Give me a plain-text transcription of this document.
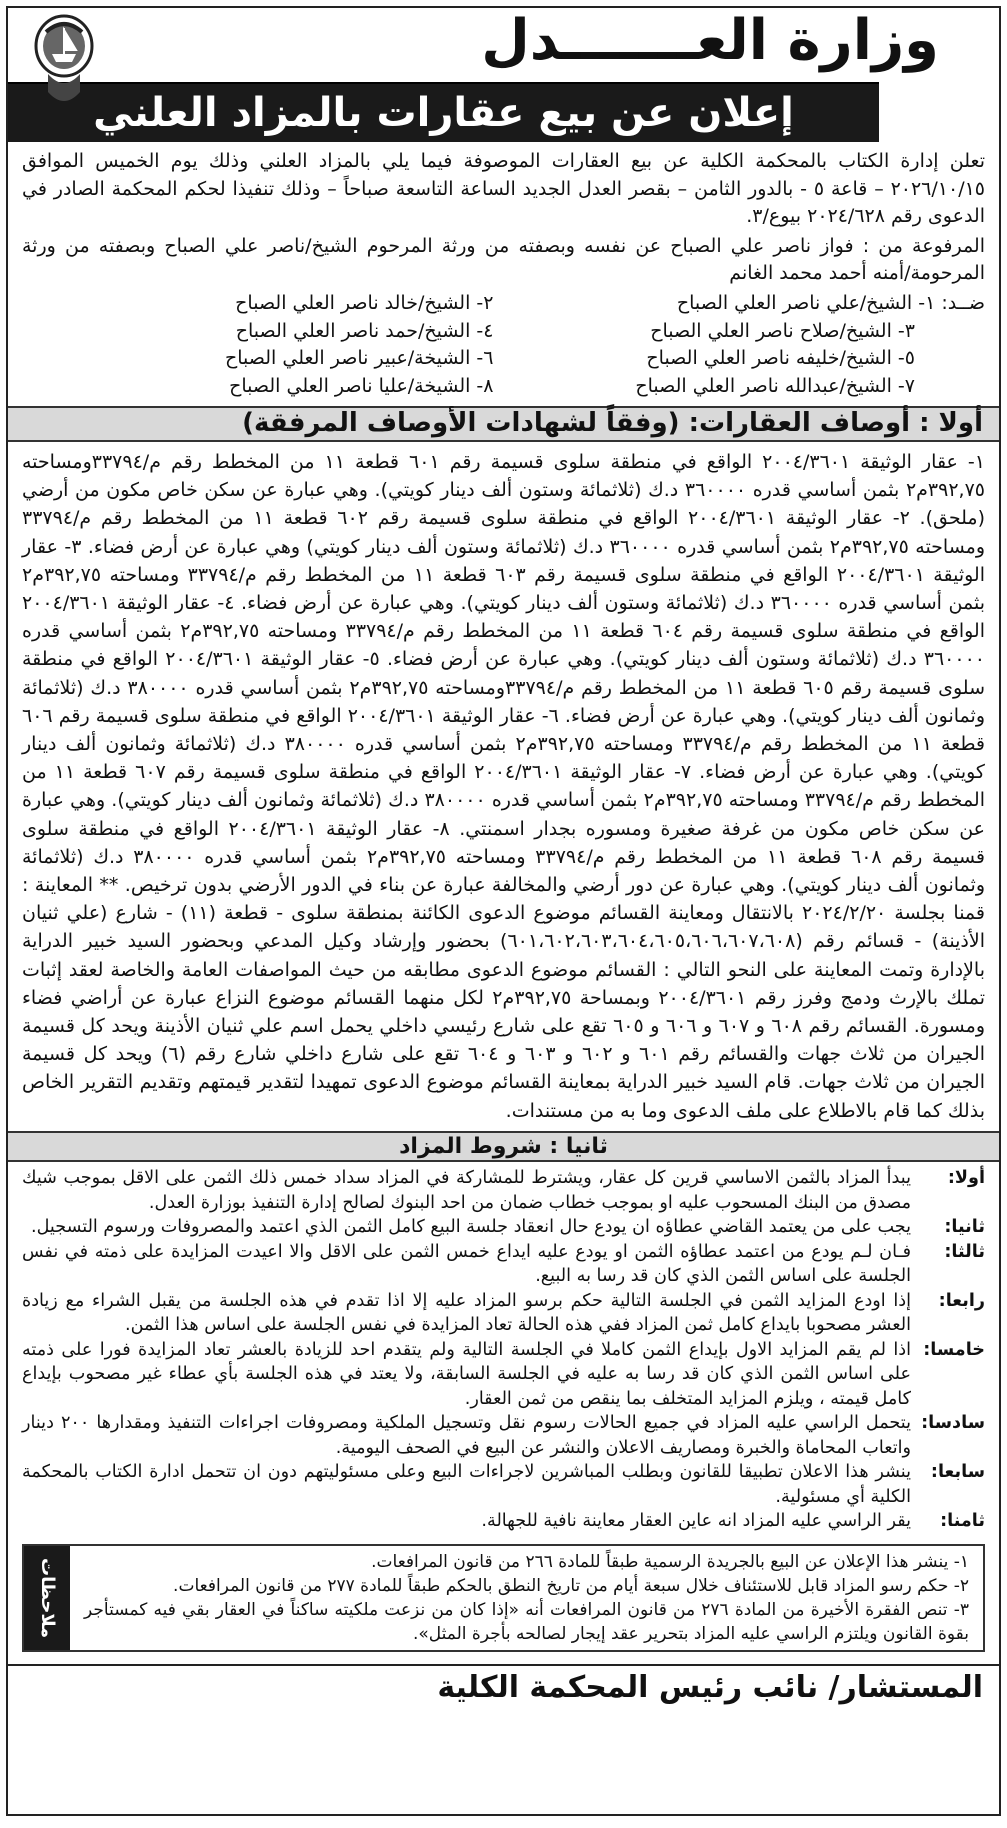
وزارة العـــــــدل
إعلان عن بيع عقارات بالمزاد العلني

تعلن إدارة الكتاب بالمحكمة الكلية عن بيع العقارات الموصوفة فيما يلي بالمزاد العلني وذلك يوم الخميس الموافق ٢٠٢٦/١٠/١٥ – قاعة ٥ - بالدور الثامن – بقصر العدل الجديد الساعة التاسعة صباحاً – وذلك تنفيذا لحكم المحكمة الصادر في الدعوى رقم ٢٠٢٤/٦٢٨ بيوع/٣.

المرفوعة من : فواز ناصر علي الصباح عن نفسه وبصفته من ورثة المرحوم الشيخ/ناصر علي الصباح وبصفته من ورثة المرحومة/أمنه أحمد محمد الغانم

ضــد: ١- الشيخ/علي ناصر العلي الصباح
٢- الشيخ/خالد ناصر العلي الصباح
٣- الشيخ/صلاح ناصر العلي الصباح
٤- الشيخ/حمد ناصر العلي الصباح
٥- الشيخ/خليفه ناصر العلي الصباح
٦- الشيخة/عبير ناصر العلي الصباح
٧- الشيخ/عبدالله ناصر العلي الصباح
٨- الشيخة/عليا ناصر العلي الصباح
أولا : أوصاف العقارات: (وفقاً لشهادات الأوصاف المرفقة)

١- عقار الوثيقة ٢٠٠٤/٣٦٠١ الواقع في منطقة سلوى قسيمة رقم ٦٠١ قطعة ١١ من المخطط رقم م/٣٣٧٩٤ومساحته ٣٩٢,٧٥م٢ بثمن أساسي قدره ٣٦٠٠٠٠ د.ك (ثلاثمائة وستون ألف دينار كويتي). وهي عبارة عن سكن خاص مكون من أرضي (ملحق). ٢- عقار الوثيقة ٢٠٠٤/٣٦٠١ الواقع في منطقة سلوى قسيمة رقم ٦٠٢ قطعة ١١ من المخطط رقم م/٣٣٧٩٤ ومساحته ٣٩٢,٧٥م٢ بثمن أساسي قدره ٣٦٠٠٠٠ د.ك (ثلاثمائة وستون ألف دينار كويتي) وهي عبارة عن أرض فضاء. ٣- عقار الوثيقة ٢٠٠٤/٣٦٠١ الواقع في منطقة سلوى قسيمة رقم ٦٠٣ قطعة ١١ من المخطط رقم م/٣٣٧٩٤ ومساحته ٣٩٢,٧٥م٢ بثمن أساسي قدره ٣٦٠٠٠٠ د.ك (ثلاثمائة وستون ألف دينار كويتي). وهي عبارة عن أرض فضاء. ٤- عقار الوثيقة ٢٠٠٤/٣٦٠١ الواقع في منطقة سلوى قسيمة رقم ٦٠٤ قطعة ١١ من المخطط رقم م/٣٣٧٩٤ ومساحته ٣٩٢,٧٥م٢ بثمن أساسي قدره ٣٦٠٠٠٠ د.ك (ثلاثمائة وستون ألف دينار كويتي). وهي عبارة عن أرض فضاء. ٥- عقار الوثيقة ٢٠٠٤/٣٦٠١ الواقع في منطقة سلوى قسيمة رقم ٦٠٥ قطعة ١١ من المخطط رقم م/٣٣٧٩٤ومساحته ٣٩٢,٧٥م٢ بثمن أساسي قدره ٣٨٠٠٠٠ د.ك (ثلاثمائة وثمانون ألف دينار كويتي). وهي عبارة عن أرض فضاء. ٦- عقار الوثيقة ٢٠٠٤/٣٦٠١ الواقع في منطقة سلوى قسيمة رقم ٦٠٦ قطعة ١١ من المخطط رقم م/٣٣٧٩٤ ومساحته ٣٩٢,٧٥م٢ بثمن أساسي قدره ٣٨٠٠٠٠ د.ك (ثلاثمائة وثمانون ألف دينار كويتي). وهي عبارة عن أرض فضاء. ٧- عقار الوثيقة ٢٠٠٤/٣٦٠١ الواقع في منطقة سلوى قسيمة رقم ٦٠٧ قطعة ١١ من المخطط رقم م/٣٣٧٩٤ ومساحته ٣٩٢,٧٥م٢ بثمن أساسي قدره ٣٨٠٠٠٠ د.ك (ثلاثمائة وثمانون ألف دينار كويتي). وهي عبارة عن سكن خاص مكون من غرفة صغيرة ومسوره بجدار اسمنتي. ٨- عقار الوثيقة ٢٠٠٤/٣٦٠١ الواقع في منطقة سلوى قسيمة رقم ٦٠٨ قطعة ١١ من المخطط رقم م/٣٣٧٩٤ ومساحته ٣٩٢,٧٥م٢ بثمن أساسي قدره ٣٨٠٠٠٠ د.ك (ثلاثمائة وثمانون ألف دينار كويتي). وهي عبارة عن دور أرضي والمخالفة عبارة عن بناء في الدور الأرضي بدون ترخيص. ** المعاينة : قمنا بجلسة ٢٠٢٤/٢/٢٠ بالانتقال ومعاينة القسائم موضوع الدعوى الكائنة بمنطقة سلوى - قطعة (١١) - شارع (علي ثنيان الأذينة) - قسائم رقم (٦٠١،٦٠٢،٦٠٣،٦٠٤،٦٠٥،٦٠٦،٦٠٧،٦٠٨) بحضور وإرشاد وكيل المدعي وبحضور السيد خبير الدراية بالإدارة وتمت المعاينة على النحو التالي : القسائم موضوع الدعوى مطابقه من حيث المواصفات العامة والخاصة لعقد إثبات تملك بالإرث ودمج وفرز رقم ٢٠٠٤/٣٦٠١ وبمساحة ٣٩٢,٧٥م٢ لكل منهما القسائم موضوع النزاع عبارة عن أراضي فضاء ومسورة. القسائم رقم ٦٠٨ و ٦٠٧ و ٦٠٦ و ٦٠٥ تقع على شارع رئيسي داخلي يحمل اسم علي ثنيان الأذينة ويحد كل قسيمة الجيران من ثلاث جهات والقسائم رقم ٦٠١ و ٦٠٢ و ٦٠٣ و ٦٠٤ تقع على شارع داخلي شارع رقم (٦) ويحد كل قسيمة الجيران من ثلاث جهات. قام السيد خبير الدراية بمعاينة القسائم موضوع الدعوى تمهيدا لتقدير قيمتهم وتقديم التقرير الخاص بذلك كما قام بالاطلاع على ملف الدعوى وما به من مستندات.

ثانيا : شروط المزاد
أولا:
يبدأ المزاد بالثمن الاساسي قرين كل عقار، ويشترط للمشاركة في المزاد سداد خمس ذلك الثمن على الاقل بموجب شيك مصدق من البنك المسحوب عليه او بموجب خطاب ضمان من احد البنوك لصالح إدارة التنفيذ بوزارة العدل.
ثانيا:
يجب على من يعتمد القاضي عطاؤه ان يودع حال انعقاد جلسة البيع كامل الثمن الذي اعتمد والمصروفات ورسوم التسجيل.
ثالثا:
فـان لـم يودع من اعتمد عطاؤه الثمن او يودع عليه ايداع خمس الثمن على الاقل والا اعيدت المزايدة على ذمته في نفس الجلسة على اساس الثمن الذي كان قد رسا به البيع.
رابعا:
إذا اودع المزايد الثمن في الجلسة التالية حكم برسو المزاد عليه إلا اذا تقدم في هذه الجلسة من يقبل الشراء مع زيادة العشر مصحوبا بايداع كامل ثمن المزاد ففي هذه الحالة تعاد المزايدة في نفس الجلسة على اساس هذا الثمن.
خامسا:
اذا لم يقم المزايد الاول بإيداع الثمن كاملا في الجلسة التالية ولم يتقدم احد للزيادة بالعشر تعاد المزايدة فورا على ذمته على اساس الثمن الذي كان قد رسا به عليه في الجلسة السابقة، ولا يعتد في هذه الجلسة بأي عطاء غير مصحوب بإيداع كامل قيمته ، ويلزم المزايد المتخلف بما ينقص من ثمن العقار.
سادسا:
يتحمل الراسي عليه المزاد في جميع الحالات رسوم نقل وتسجيل الملكية ومصروفات اجراءات التنفيذ ومقدارها ٢٠٠ دينار واتعاب المحاماة والخبرة ومصاريف الاعلان والنشر عن البيع في الصحف اليومية.
سابعا:
ينشر هذا الاعلان تطبيقا للقانون وبطلب المباشرين لاجراءات البيع وعلى مسئوليتهم دون ان تتحمل ادارة الكتاب بالمحكمة الكلية أي مسئولية.
ثامنا:
يقر الراسي عليه المزاد انه عاين العقار معاينة نافية للجهالة.
ملاحظات	١- ينشر هذا الإعلان عن البيع بالجريدة الرسمية طبقاً للمادة ٢٦٦ من قانون المرافعات.

٢- حكم رسو المزاد قابل للاستئناف خلال سبعة أيام من تاريخ النطق بالحكم طبقاً للمادة ٢٧٧ من قانون المرافعات.

٣- تنص الفقرة الأخيرة من المادة ٢٧٦ من قانون المرافعات أنه «إذا كان من نزعت ملكيته ساكناً في العقار بقي فيه كمستأجر بقوة القانون ويلتزم الراسي عليه المزاد بتحرير عقد إيجار لصالحه بأجرة المثل».

المستشار/ نائب رئيس المحكمة الكلية
